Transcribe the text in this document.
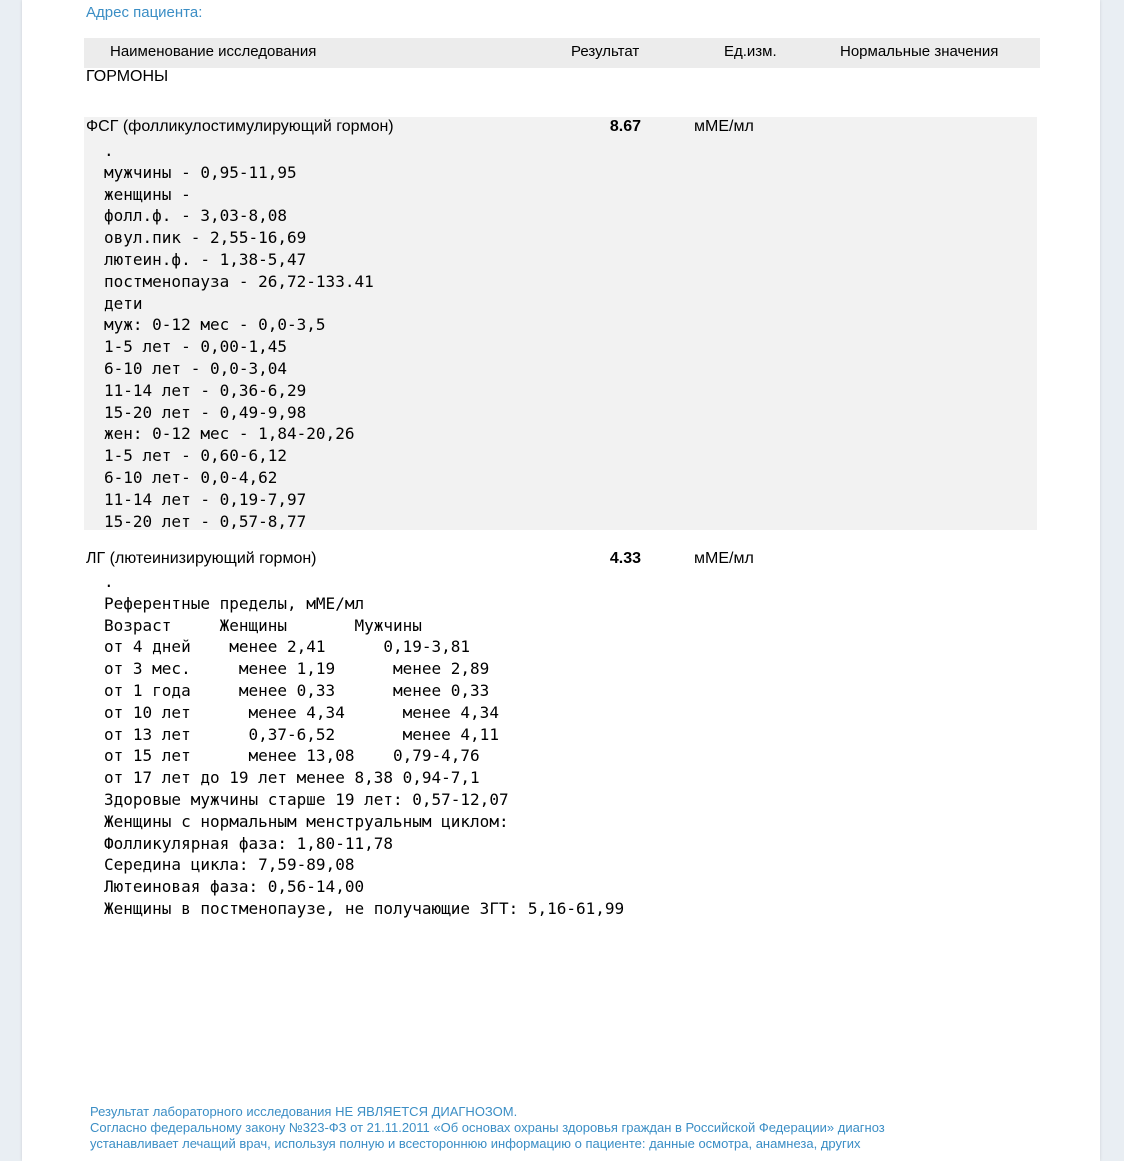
Адрес пациента:
Наименование исследования	Результат	Ед.изм.	Нормальные значения
ГОРМОНЫ
ФСГ (фолликулостимулирующий гормон)	8.67	мМЕ/мл
.
мужчины - 0,95-11,95
женщины -
фолл.ф. - 3,03-8,08
овул.пик - 2,55-16,69
лютеин.ф. - 1,38-5,47
постменопауза - 26,72-133.41
дети
муж: 0-12 мес - 0,0-3,5
1-5 лет - 0,00-1,45
6-10 лет - 0,0-3,04
11-14 лет - 0,36-6,29
15-20 лет - 0,49-9,98
жен: 0-12 мес - 1,84-20,26
1-5 лет - 0,60-6,12
6-10 лет- 0,0-4,62
11-14 лет - 0,19-7,97
15-20 лет - 0,57-8,77
ЛГ (лютеинизирующий гормон)	4.33	мМЕ/мл
.
Референтные пределы, мМЕ/мл
Возраст     Женщины       Мужчины
от 4 дней    менее 2,41      0,19-3,81
от 3 мес.     менее 1,19      менее 2,89
от 1 года     менее 0,33      менее 0,33
от 10 лет      менее 4,34      менее 4,34
от 13 лет      0,37-6,52       менее 4,11
от 15 лет      менее 13,08    0,79-4,76
от 17 лет до 19 лет менее 8,38 0,94-7,1
Здоровые мужчины старше 19 лет: 0,57-12,07
Женщины с нормальным менструальным циклом:
Фолликулярная фаза: 1,80-11,78
Середина цикла: 7,59-89,08
Лютеиновая фаза: 0,56-14,00
Женщины в постменопаузе, не получающие ЗГТ: 5,16-61,99
Результат лабораторного исследования НЕ ЯВЛЯЕТСЯ ДИАГНОЗОМ.
Согласно федеральному закону №323-ФЗ от 21.11.2011 «Об основах охраны здоровья граждан в Российской Федерации» диагноз
устанавливает лечащий врач, используя полную и всестороннюю информацию о пациенте: данные осмотра, анамнеза, других
